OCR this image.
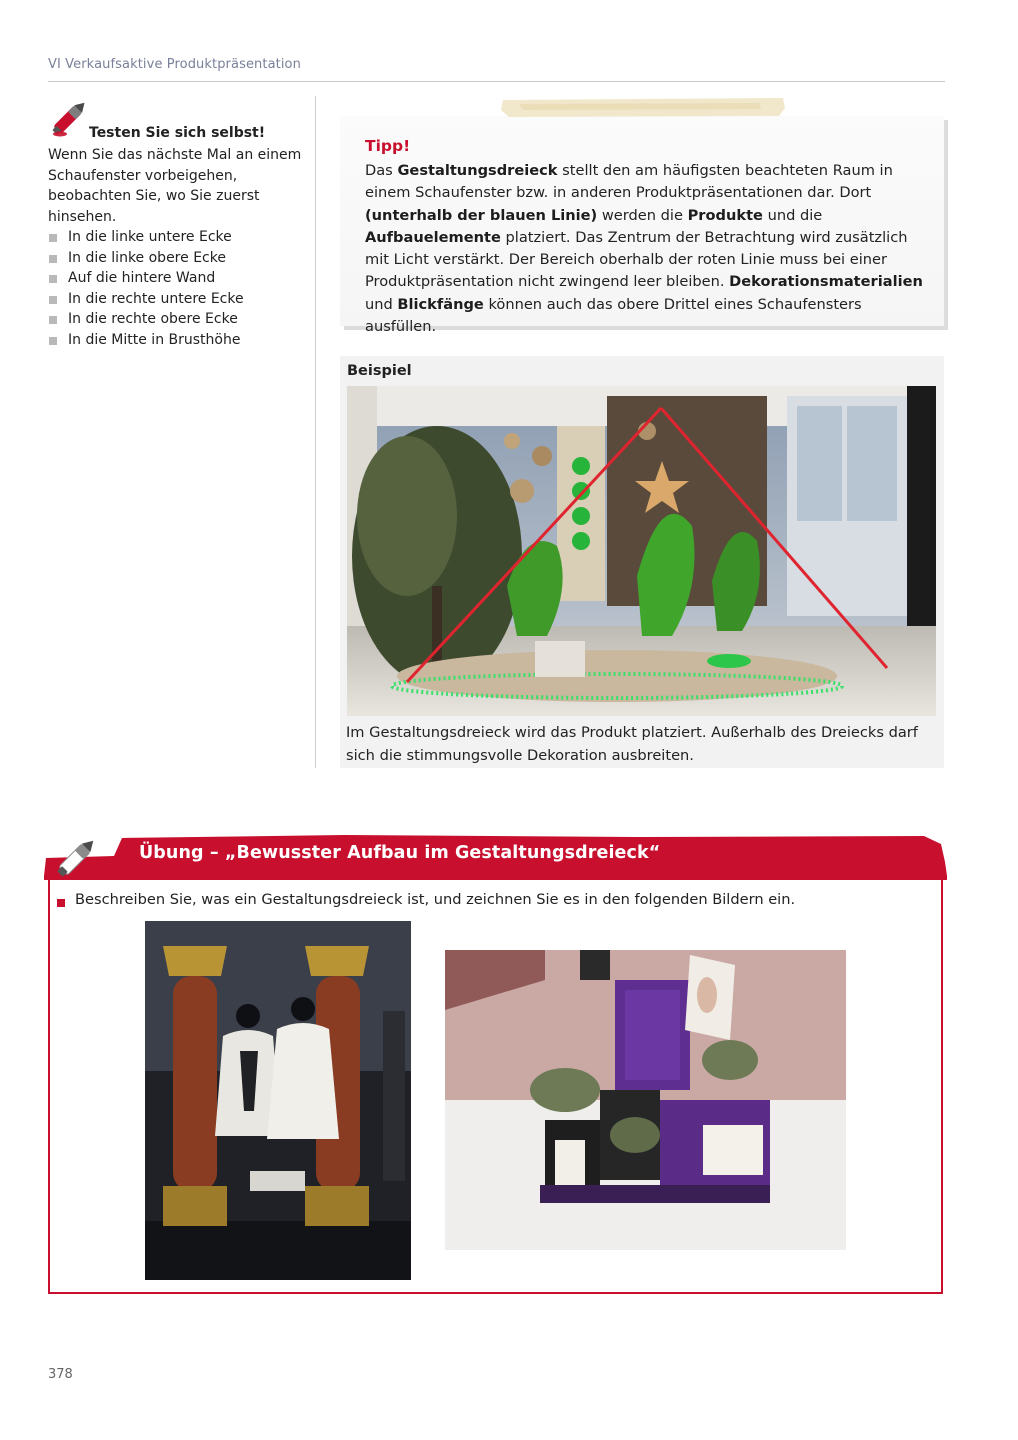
VI Verkaufsaktive Produktpräsentation
Testen Sie sich selbst!
Wenn Sie das nächste Mal an einem Schaufenster vorbeigehen, beobachten Sie, wo Sie zuerst hinsehen.
In die linke untere Ecke
In die linke obere Ecke
Auf die hintere Wand
In die rechte untere Ecke
In die rechte obere Ecke
In die Mitte in Brusthöhe
Tipp!
Das Gestaltungsdreieck stellt den am häufigsten beachteten Raum in einem Schaufenster bzw. in anderen Produktpräsentationen dar. Dort (unterhalb der blauen Linie) werden die Produkte und die Aufbauelemente platziert. Das Zentrum der Betrachtung wird zusätzlich mit Licht verstärkt. Der Bereich oberhalb der roten Linie muss bei einer Produktpräsentation nicht zwingend leer bleiben. Dekorationsmaterialien und Blickfänge können auch das obere Drittel eines Schaufensters ausfüllen.
Beispiel
Im Gestaltungsdreieck wird das Produkt platziert. Außerhalb des Dreiecks darf sich die stimmungsvolle Dekoration ausbreiten.
Übung – „Bewusster Aufbau im Gestaltungsdreieck“
Beschreiben Sie, was ein Gestaltungsdreieck ist, und zeichnen Sie es in den folgenden Bildern ein.
378
